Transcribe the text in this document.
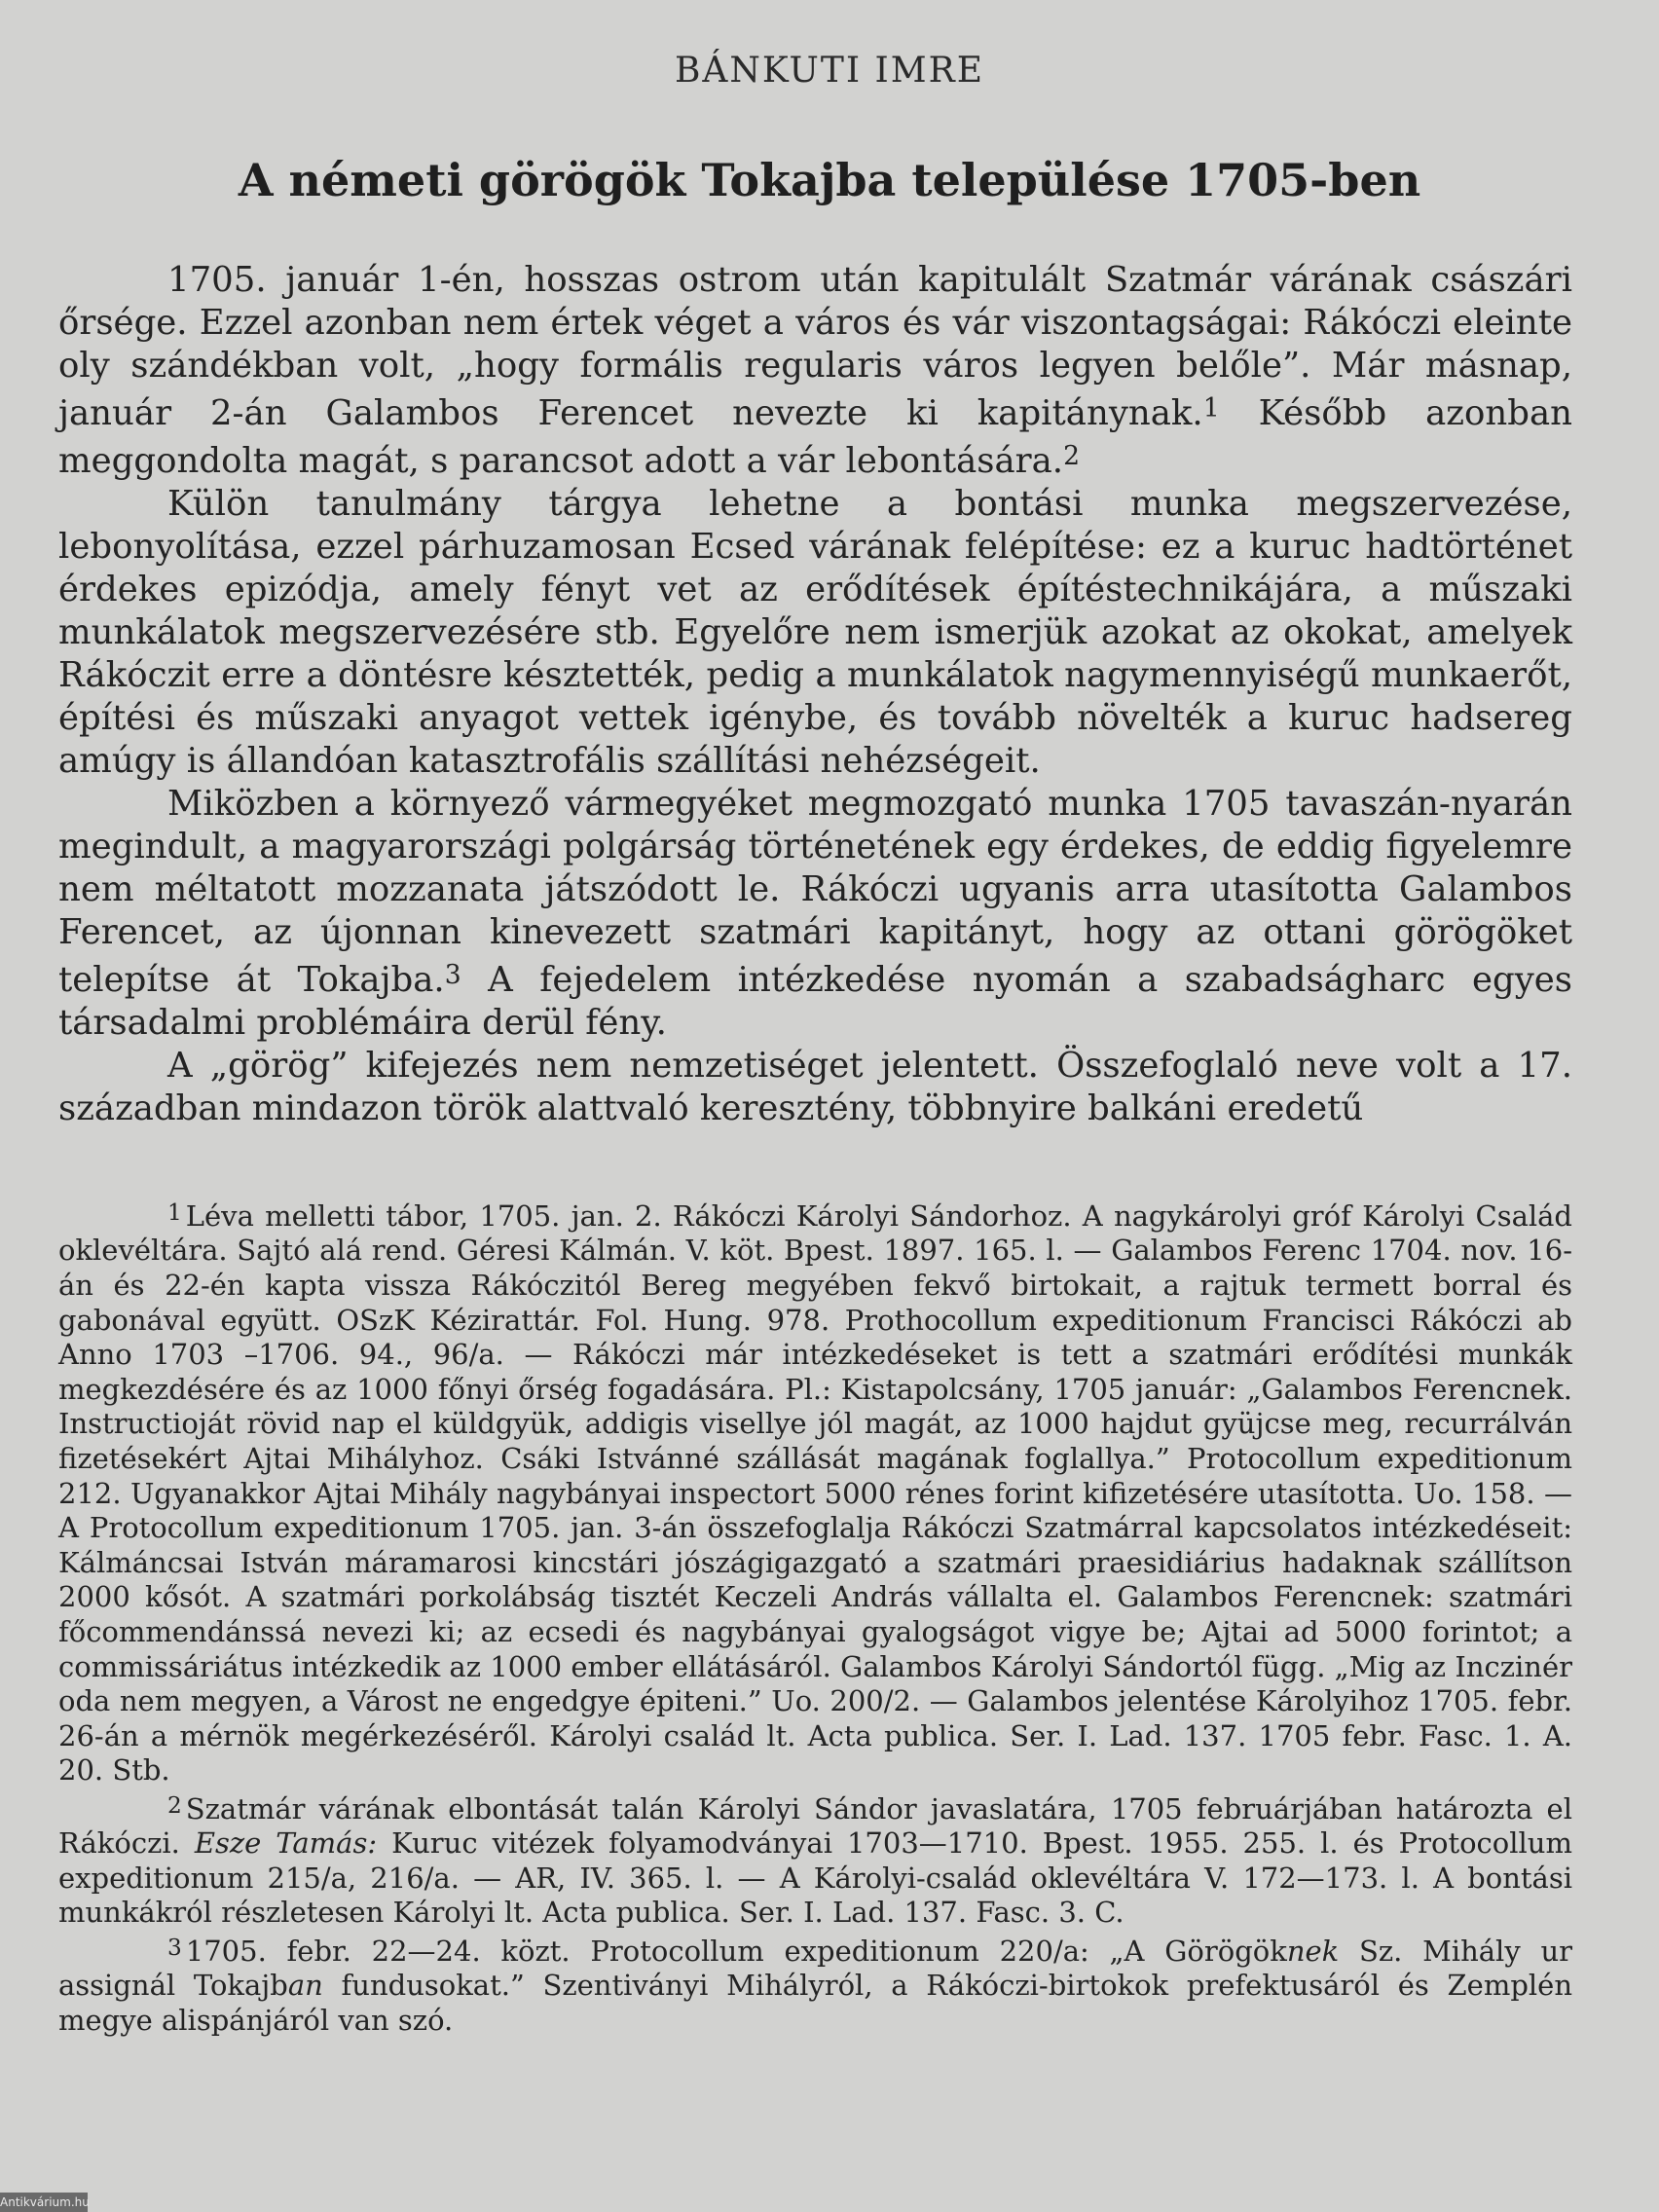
BÁNKUTI IMRE
A németi görögök Tokajba települése 1705-ben

1705. január 1-én, hosszas ostrom után kapitulált Szatmár várának császári őrsége. Ezzel azonban nem értek véget a város és vár viszontagságai: Rákóczi eleinte oly szándékban volt, „hogy formális regularis város legyen belőle”. Már másnap, január 2-án Galambos Ferencet nevezte ki kapitánynak.$^1$ Később azonban meggondolta magát, s parancsot adott a vár lebontására.$^2$

Külön tanulmány tárgya lehetne a bontási munka megszervezése, lebonyolítása, ezzel párhuzamosan Ecsed várának felépítése: ez a kuruc hadtörténet érdekes epizódja, amely fényt vet az erődítések építéstechnikájára, a műszaki munkálatok megszervezésére stb. Egyelőre nem ismerjük azokat az okokat, amelyek Rákóczit erre a döntésre késztették, pedig a munkálatok nagymennyiségű munkaerőt, építési és műszaki anyagot vettek igénybe, és tovább növelték a kuruc hadsereg amúgy is állandóan katasztrofális szállítási nehézségeit.

Miközben a környező vármegyéket megmozgató munka 1705 tavaszán-nyarán megindult, a magyarországi polgárság történetének egy érdekes, de eddig figyelemre nem méltatott mozzanata játszódott le. Rákóczi ugyanis arra utasította Galambos Ferencet, az újonnan kinevezett szatmári kapitányt, hogy az ottani görögöket telepítse át Tokajba.$^3$ A fejedelem intézkedése nyomán a szabadságharc egyes társadalmi problémáira derül fény.

A „görög” kifejezés nem nemzetiséget jelentett. Összefoglaló neve volt a 17. században mindazon török alattvaló keresztény, többnyire balkáni eredetű

1 Léva melletti tábor, 1705. jan. 2. Rákóczi Károlyi Sándorhoz. A nagykárolyi gróf Károlyi Család oklevéltára. Sajtó alá rend. Géresi Kálmán. V. köt. Bpest. 1897. 165. l. — Galambos Ferenc 1704. nov. 16-án és 22-én kapta vissza Rákóczitól Bereg megyében fekvő birtokait, a rajtuk termett borral és gabonával együtt. OSzK Kézirattár. Fol. Hung. 978. Prothocollum expeditionum Francisci Rákóczi ab Anno 1703 –1706. 94., 96/a. — Rákóczi már intézkedéseket is tett a szatmári erődítési munkák megkezdésére és az 1000 főnyi őrség fogadására. Pl.: Kistapolcsány, 1705 január: „Galambos Ferencnek. Instructioját rövid nap el küldgyük, addigis visellye jól magát, az 1000 hajdut gyüjcse meg, recurrálván fizetésekért Ajtai Mihályhoz. Csáki Istvánné szállását magának foglallya.” Protocollum expeditionum 212. Ugyanakkor Ajtai Mihály nagybányai inspectort 5000 rénes forint kifizetésére utasította. Uo. 158. — A Protocollum expeditionum 1705. jan. 3-án összefoglalja Rákóczi Szatmárral kapcsolatos intézkedéseit: Kálmáncsai István máramarosi kincstári jószágigazgató a szatmári praesidiárius hadaknak szállítson 2000 kősót. A szatmári porkolábság tisztét Keczeli András vállalta el. Galambos Ferencnek: szatmári főcommendánssá nevezi ki; az ecsedi és nagybányai gyalogságot vigye be; Ajtai ad 5000 forintot; a commissáriátus intézkedik az 1000 ember ellátásáról. Galambos Károlyi Sándortól függ. „Mig az Inczinér oda nem megyen, a Várost ne engedgye épiteni.” Uo. 200/2. — Galambos jelentése Károlyihoz 1705. febr. 26-án a mérnök megérkezéséről. Károlyi család lt. Acta publica. Ser. I. Lad. 137. 1705 febr. Fasc. 1. A. 20. Stb.

2 Szatmár várának elbontását talán Károlyi Sándor javaslatára, 1705 februárjában határozta el Rákóczi. Esze Tamás: Kuruc vitézek folyamodványai 1703—1710. Bpest. 1955. 255. l. és Protocollum expeditionum 215/a, 216/a. — AR, IV. 365. l. — A Károlyi-család oklevéltára V. 172—173. l. A bontási munkákról részletesen Károlyi lt. Acta publica. Ser. I. Lad. 137. Fasc. 3. C.

3 1705. febr. 22—24. közt. Protocollum expeditionum 220/a: „A Görögöknek Sz. Mihály ur assignál Tokajban fundusokat.” Szentiványi Mihályról, a Rákóczi-birtokok prefektusáról és Zemplén megye alispánjáról van szó.

Antikvárium.hu
